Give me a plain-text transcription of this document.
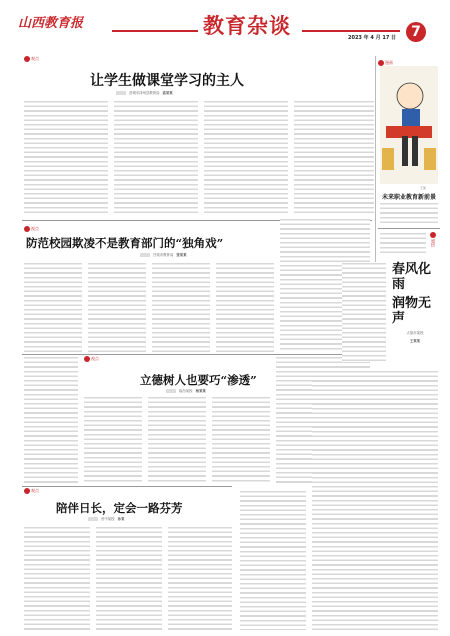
山西教育报	教育杂谈	2023 年 4 月 17 日 7
观点
让学生做课堂学习的主人
晋城市泽州县教育局 高某某
漫画
王某
未来职业教育新前景
视点
防范校园欺凌不是教育部门的“独角戏”
吕梁市教育局 张某某
视点
立德树人也要巧“渗透”
临汾某校 杨某某
观点
陪伴日长，定会一路芬芳
晋中某校 孙某
感悟
春风化雨
润物无声
太原市某校
王某某
